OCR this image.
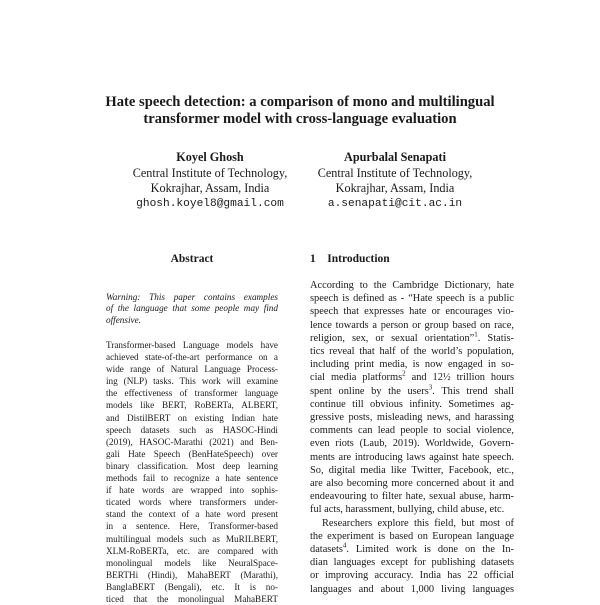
Hate speech detection: a comparison of mono and multilingual
transformer model with cross-language evaluation
Koyel Ghosh
Central Institute of Technology,
Kokrajhar, Assam, India
ghosh.koyel8@gmail.com
Apurbalal Senapati
Central Institute of Technology,
Kokrajhar, Assam, India
a.senapati@cit.ac.in
Abstract	1 Introduction
Warning: This paper contains examples
of the language that some people may find
offensive.
Transformer-based Language models have
achieved state-of-the-art performance on a
wide range of Natural Language Process-
ing (NLP) tasks. This work will examine
the effectiveness of transformer language
models like BERT, RoBERTa, ALBERT,
and DistilBERT on existing Indian hate
speech datasets such as HASOC-Hindi
(2019), HASOC-Marathi (2021) and Ben-
gali Hate Speech (BenHateSpeech) over
binary classification. Most deep learning
methods fail to recognize a hate sentence
if hate words are wrapped into sophis-
ticated words where transformers under-
stand the context of a hate word present
in a sentence. Here, Transformer-based
multilingual models such as MuRILBERT,
XLM-RoBERTa, etc. are compared with
monolingual models like NeuralSpace-
BERTHi (Hindi), MahaBERT (Marathi),
BanglaBERT (Bengali), etc. It is no-
ticed that the monolingual MahaBERT
According to the Cambridge Dictionary, hate
speech is defined as - “Hate speech is a public
speech that expresses hate or encourages vio-
lence towards a person or group based on race,
religion, sex, or sexual orientation”$^1$. Statis-
tics reveal that half of the world’s population,
including print media, is now engaged in so-
cial media platforms$^2$ and 12½ trillion hours
spent online by the users$^3$. This trend shall
continue till obvious infinity. Sometimes ag-
gressive posts, misleading news, and harassing
comments can lead people to social violence,
even riots (Laub, 2019). Worldwide, Govern-
ments are introducing laws against hate speech.
So, digital media like Twitter, Facebook, etc.,
are also becoming more concerned about it and
endeavouring to filter hate, sexual abuse, harm-
ful acts, harassment, bullying, child abuse, etc.
Researchers explore this field, but most of
the experiment is based on European language
datasets$^4$. Limited work is done on the In-
dian languages except for publishing datasets
or improving accuracy. India has 22 official
languages and about 1,000 living languages
